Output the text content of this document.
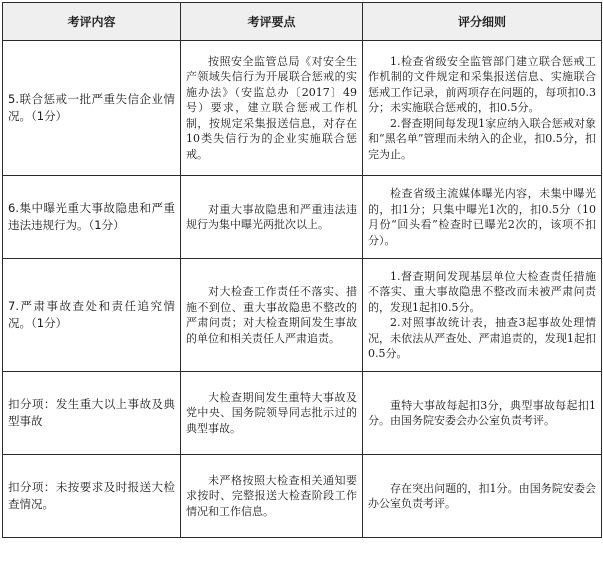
考评内容	考评要点	评分细则

5.联合惩戒一批严重失信企业情况。（1分）	按照安全监管总局《对安全生产领域失信行为开展联合惩戒的实施办法》（安监总办〔2017〕49号）要求，建立联合惩戒工作机制，按规定采集报送信息，对存在10类失信行为的企业实施联合惩戒。	1.检查省级安全监管部门建立联合惩戒工作机制的文件规定和采集报送信息、实施联合惩戒工作记录，前两项存在问题的，每项扣0.3分；未实施联合惩戒的，扣0.5分。
2.督查期间每发现1家应纳入联合惩戒对象和“黑名单”管理而未纳入的企业，扣0.5分，扣完为止。

6.集中曝光重大事故隐患和严重违法违规行为。（1分）	对重大事故隐患和严重违法违规行为集中曝光两批次以上。	检查省级主流媒体曝光内容，未集中曝光的，扣1分；只集中曝光1次的，扣0.5分（10月份“回头看”检查时已曝光2次的，该项不扣分）。

7.严肃事故查处和责任追究情况。（1分）	对大检查工作责任不落实、措施不到位、重大事故隐患不整改的严肃问责；对大检查期间发生事故的单位和相关责任人严肃追责。	1.督查期间发现基层单位大检查责任措施不落实、重大事故隐患不整改而未被严肃问责的，发现1起扣0.5分。
2.对照事故统计表，抽查3起事故处理情况，未依法从严查处、严肃追责的，发现1起扣0.5分。

扣分项：发生重大以上事故及典型事故	大检查期间发生重特大事故及党中央、国务院领导同志批示过的典型事故。	重特大事故每起扣3分，典型事故每起扣1分。由国务院安委会办公室负责考评。

扣分项：未按要求及时报送大检查情况。	未严格按照大检查相关通知要求按时、完整报送大检查阶段工作情况和工作信息。	存在突出问题的，扣1分。由国务院安委会办公室负责考评。
